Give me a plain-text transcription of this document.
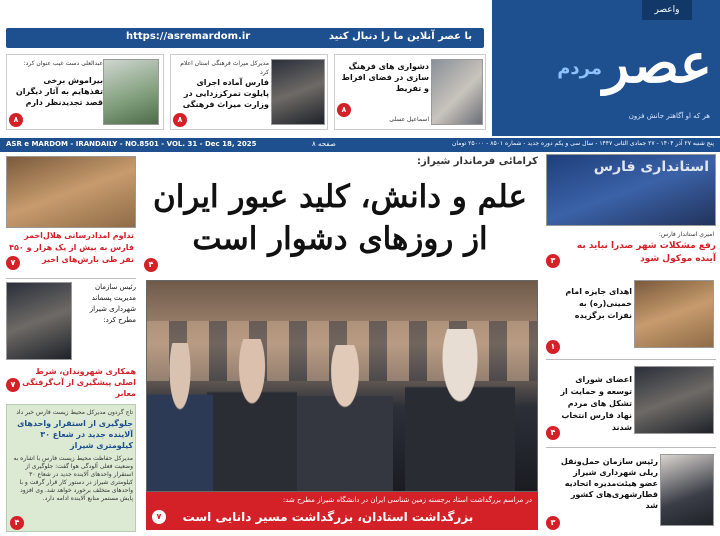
واعصر
عصر
مردم
هر که او آگاهتر جانش فزون
https://asremardom.ir	با عصر آنلاین ما را دنبال کنید
دشواری های فرهنگ سازی در فضای افراط و تفریط
اسماعیل عسلی
۸
مدیرکل میراث فرهنگی استان اعلام کرد
فارس آماده اجرای پایلوت تمرکززدایی در وزارت میراث فرهنگی
۸
عبدالعلی دست غیب عنوان کرد:
بیراموش برخی تفذهایم به آثار دیگران قصد تجدیدنظر دارم
۸
ASR e MARDOM - IRANDAILY - NO.8501 - VOL. 31 - Dec 18, 2025	۸ صفحه	پنج شنبه ۲۷ آذر ۱۴۰۴ - ۲۷ جمادی الثانی ۱۴۴۷ - سال سی و یکم دوره جدید - شماره ۸۵۰۱ - ۲۵۰۰۰ تومان
تداوم امدادرسانی هلال‌احمر فارس به بیش از یک هزار و ۴۵۰ نفر طی بارش‌های اخیر
۷
رئیس سازمان مدیریت پسماند شهرداری شیراز مطرح کرد:
همکاری شهروندان، شرط اصلی پیشگیری از آب‌گرفتگی معابر
۷
تاج گردون مدیرکل محیط زیست فارس خبر داد
جلوگیری از استقرار واحدهای آلاینده جدید در شعاع ۳۰ کیلومتری شیراز
مدیرکل حفاظت محیط زیست فارس با اشاره به وضعیت فعلی آلودگی هوا گفت: جلوگیری از استقرار واحدهای آلاینده جدید در شعاع ۳۰ کیلومتری شیراز در دستور کار قرار گرفت و با واحدهای متخلف برخورد خواهد شد. وی افزود پایش مستمر منابع آلاینده ادامه دارد.
۴
کرامائی فرماندار شیراز:
علم و دانش، کلید عبور ایران
از روزهای دشوار است
۴
در مراسم بزرگداشت استاد برجسته زمین شناسی ایران در دانشگاه شیراز مطرح شد:
بزرگداشت استادان، بزرگداشت مسیر دانایی است
۷
استانداری فارس
امیری استاندار فارس:
رفع مشکلات شهر صدرا نباید به آینده موکول شود
۳
اهدای جایزه امام خمینی(ره) به نفرات برگزیده
۱
اعضای شورای توسعه و حمایت از تشکل های مردم نهاد فارس انتخاب شدند
۴
رئیس سازمان حمل‌ونقل ریلی شهرداری شیراز عضو هیئت‌مدیره اتحادیه قطارشهری‌های کشور شد
۳
